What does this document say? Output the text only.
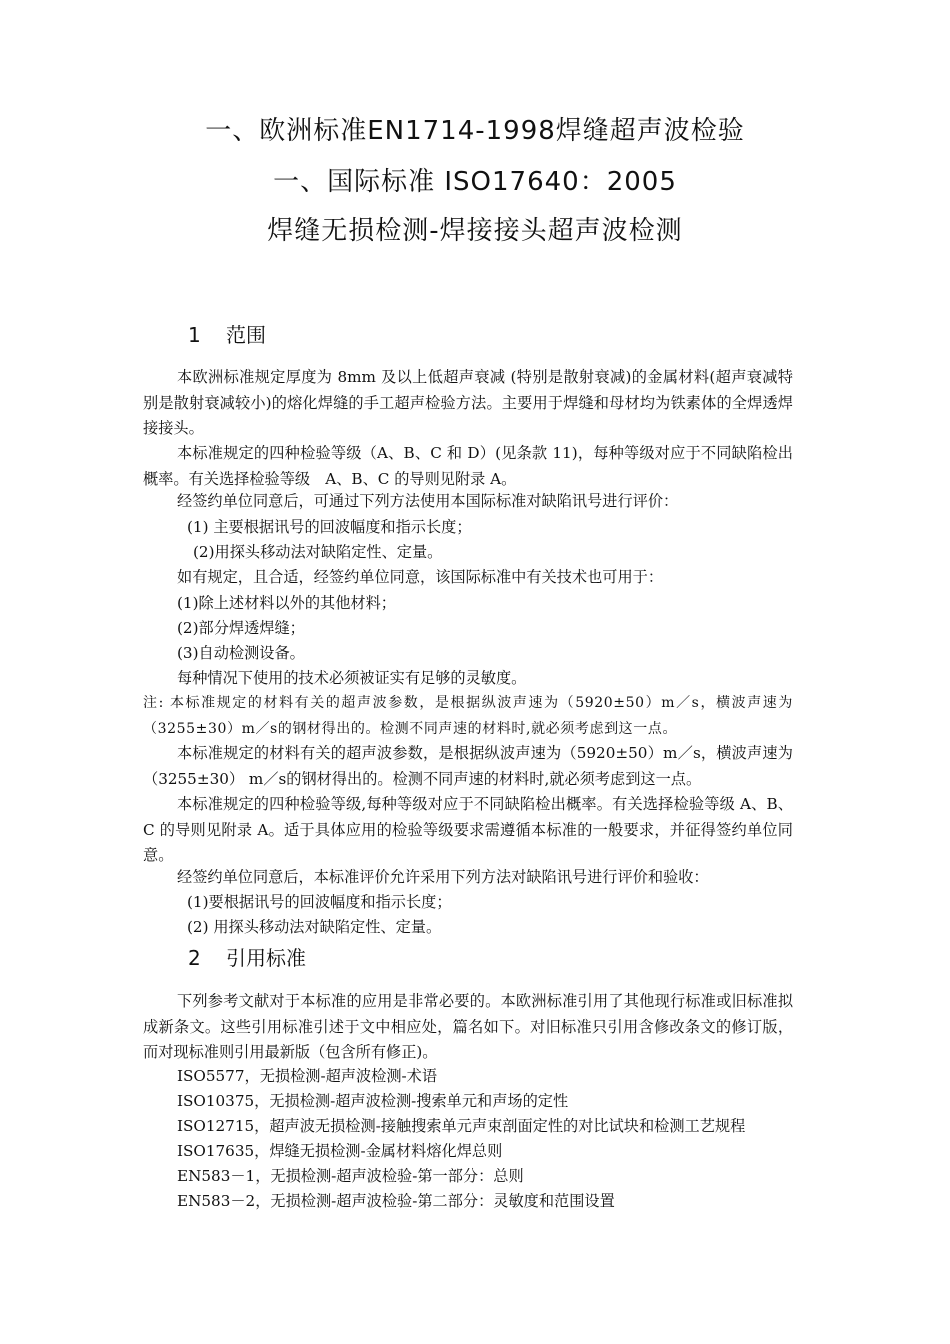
一、欧洲标准EN1714-1998焊缝超声波检验
一、国际标准 ISO17640：2005
焊缝无损检测-焊接接头超声波检测
1 范围

本欧洲标准规定厚度为 8mm 及以上低超声衰减 (特别是散射衰减)的金属材料(超声衰减特别是散射衰减较小)的熔化焊缝的手工超声检验方法。主要用于焊缝和母材均为铁素体的全焊透焊接接头。

本标准规定的四种检验等级（A、B、C 和 D）(见条款 11)，每种等级对应于不同缺陷检出概率。有关选择检验等级　A、B、C 的导则见附录 A。

经签约单位同意后，可通过下列方法使用本国际标准对缺陷讯号进行评价：

(1) 主要根据讯号的回波幅度和指示长度；

(2)用探头移动法对缺陷定性、定量。

如有规定，且合适，经签约单位同意，该国际标准中有关技术也可用于：

(1)除上述材料以外的其他材料；

(2)部分焊透焊缝；

(3)自动检测设备。

每种情况下使用的技术必须被证实有足够的灵敏度。

注: 本标准规定的材料有关的超声波参数，是根据纵波声速为（5920±50）m／s，横波声速为（3255±30）m／s的钢材得出的。检测不同声速的材料时,就必须考虑到这一点。

本标准规定的材料有关的超声波参数，是根据纵波声速为（5920±50）m／s，横波声速为（3255±30） m／s的钢材得出的。检测不同声速的材料时,就必须考虑到这一点。

本标准规定的四种检验等级,每种等级对应于不同缺陷检出概率。有关选择检验等级 A、B、C 的导则见附录 A。适于具体应用的检验等级要求需遵循本标准的一般要求，并征得签约单位同意。

经签约单位同意后，本标准评价允许采用下列方法对缺陷讯号进行评价和验收：

(1)要根据讯号的回波幅度和指示长度；

(2) 用探头移动法对缺陷定性、定量。

2 引用标准

下列参考文献对于本标准的应用是非常必要的。本欧洲标准引用了其他现行标准或旧标准拟成新条文。这些引用标准引述于文中相应处，篇名如下。对旧标准只引用含修改条文的修订版，而对现标准则引用最新版（包含所有修正)。

ISO5577，无损检测-超声波检测-术语

ISO10375，无损检测-超声波检测-搜索单元和声场的定性

ISO12715，超声波无损检测-接触搜索单元声束剖面定性的对比试块和检测工艺规程

ISO17635，焊缝无损检测-金属材料熔化焊总则

EN583－1，无损检测-超声波检验-第一部分：总则

EN583－2，无损检测-超声波检验-第二部分：灵敏度和范围设置
